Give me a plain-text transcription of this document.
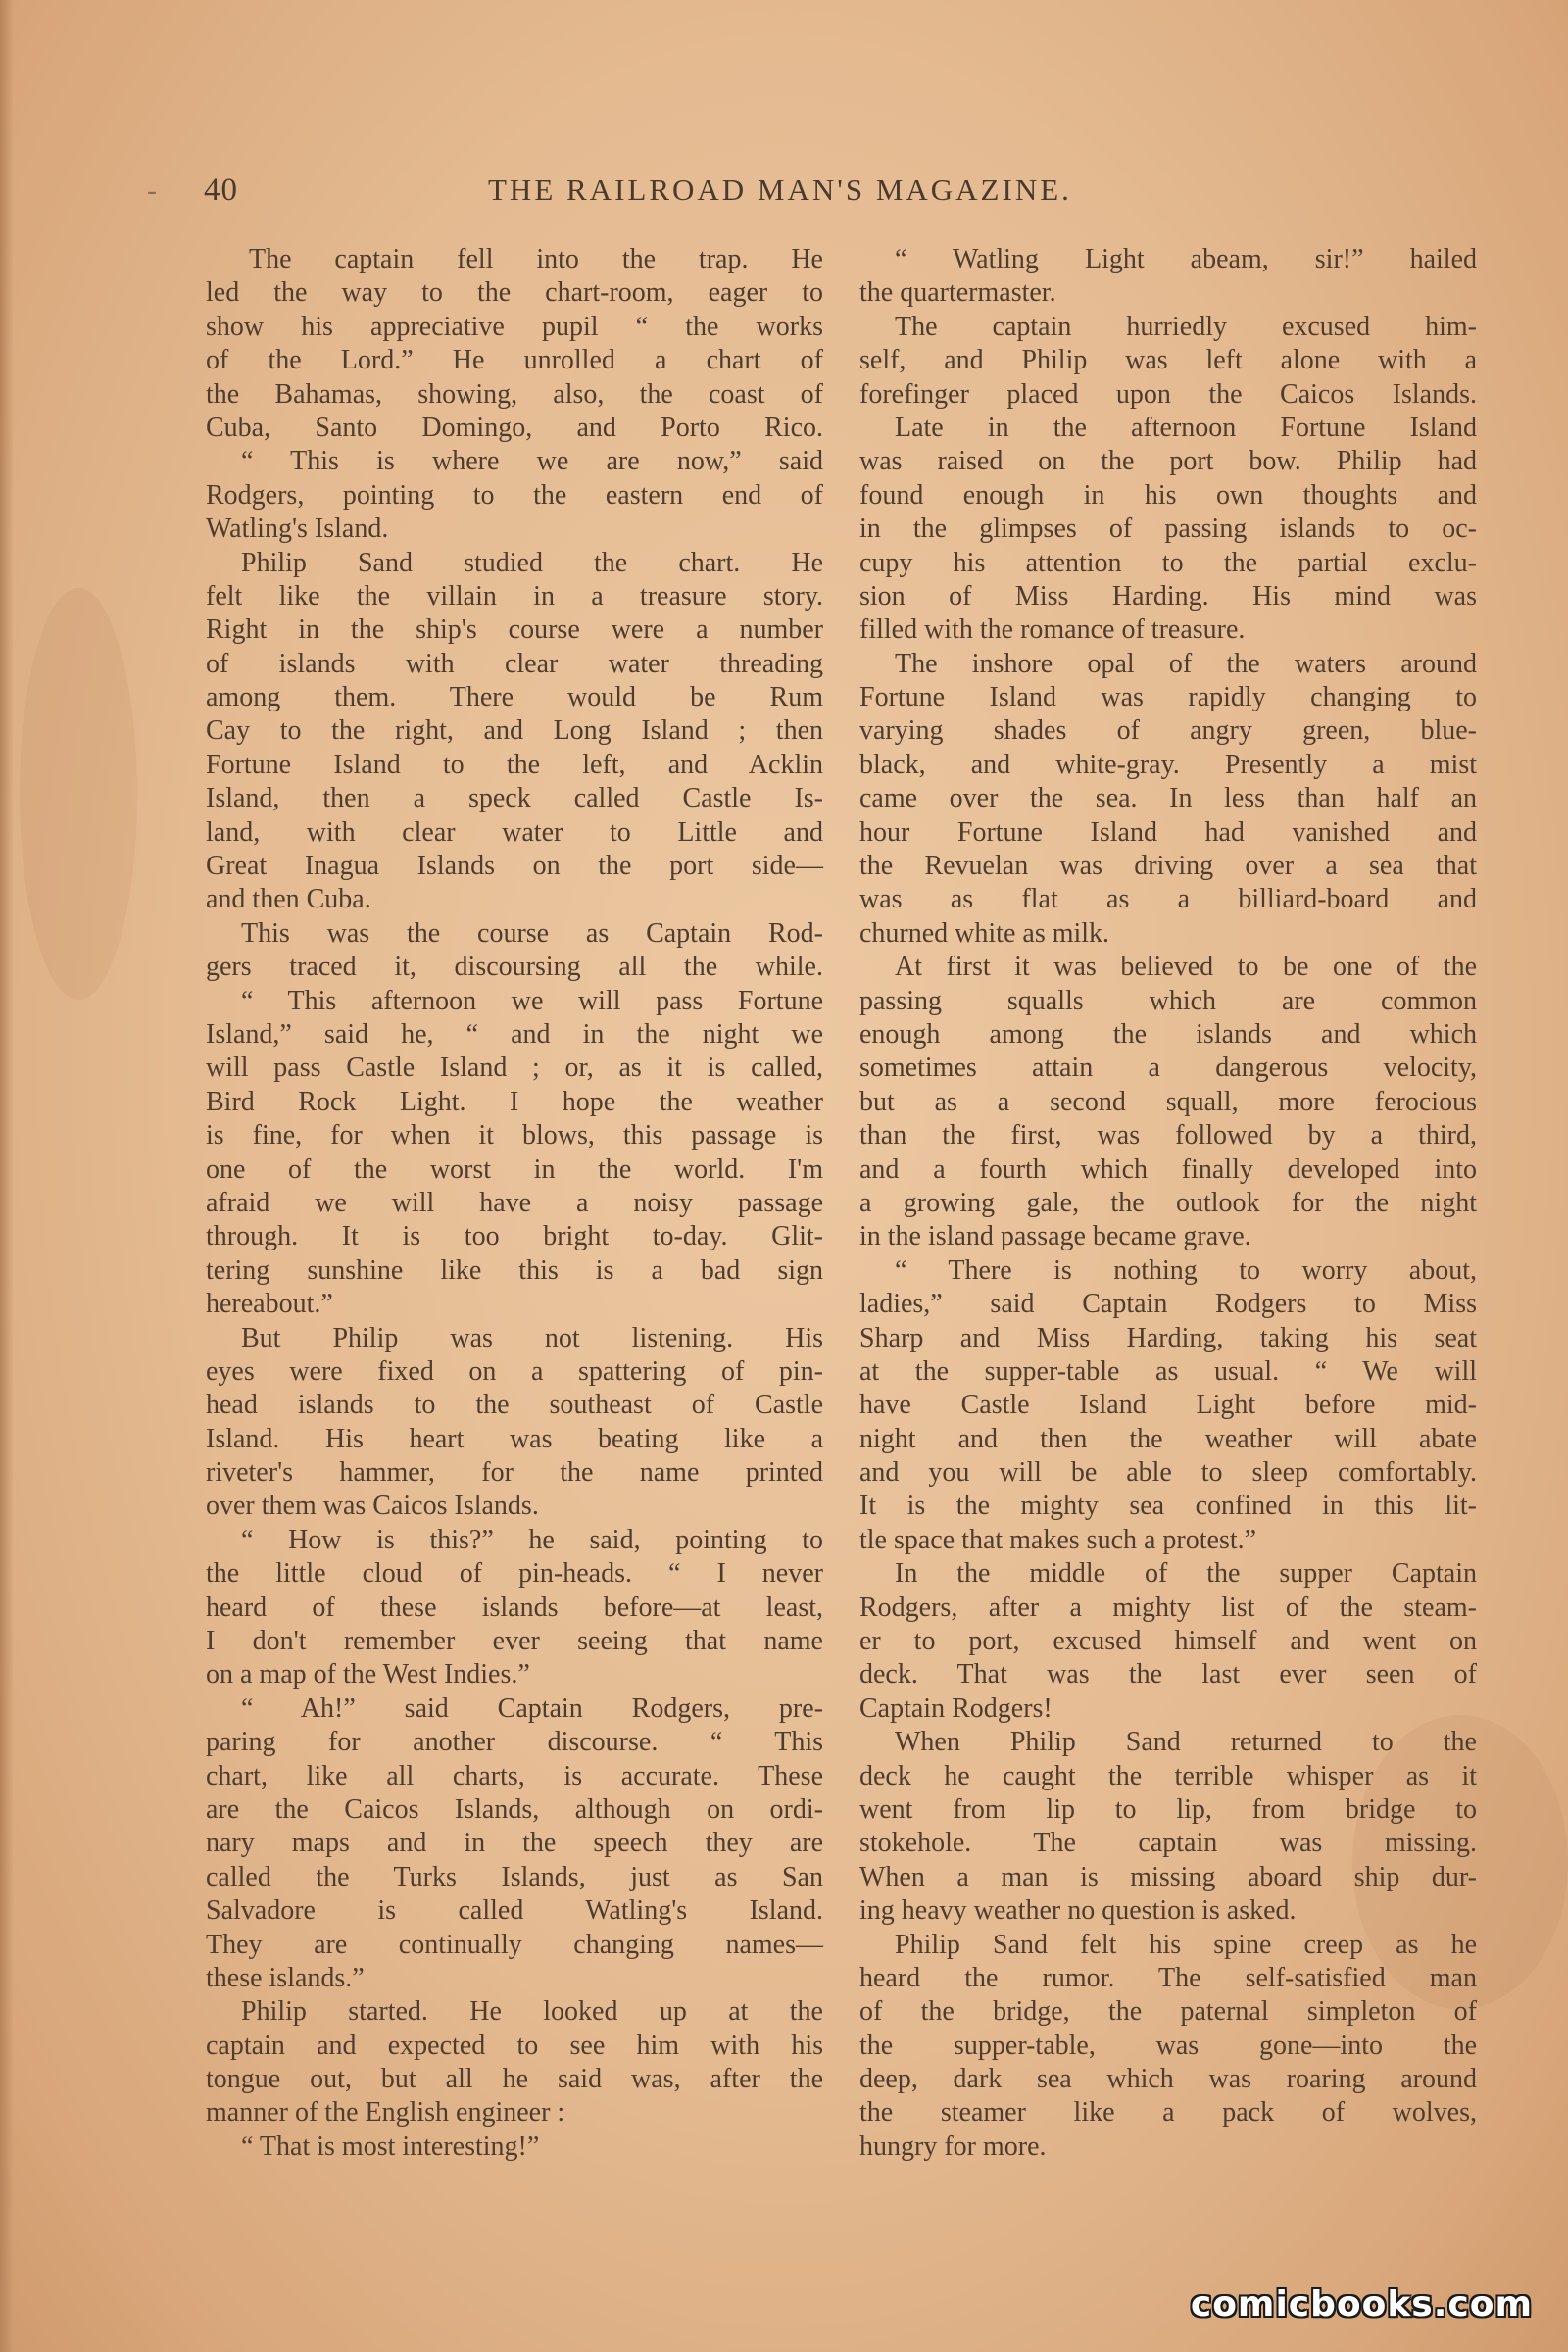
- 40	THE RAILROAD MAN'S MAGAZINE.
The captain fell into the trap. He
led the way to the chart-room, eager to
show his appreciative pupil “ the works
of the Lord.” He unrolled a chart of
the Bahamas, showing, also, the coast of
Cuba, Santo Domingo, and Porto Rico.
“ This is where we are now,” said
Rodgers, pointing to the eastern end of
Watling's Island.
Philip Sand studied the chart. He
felt like the villain in a treasure story.
Right in the ship's course were a number
of islands with clear water threading
among them. There would be Rum
Cay to the right, and Long Island ; then
Fortune Island to the left, and Acklin
Island, then a speck called Castle Is-
land, with clear water to Little and
Great Inagua Islands on the port side—
and then Cuba.
This was the course as Captain Rod-
gers traced it, discoursing all the while.
“ This afternoon we will pass Fortune
Island,” said he, “ and in the night we
will pass Castle Island ; or, as it is called,
Bird Rock Light. I hope the weather
is fine, for when it blows, this passage is
one of the worst in the world. I'm
afraid we will have a noisy passage
through. It is too bright to-day. Glit-
tering sunshine like this is a bad sign
hereabout.”
But Philip was not listening. His
eyes were fixed on a spattering of pin-
head islands to the southeast of Castle
Island. His heart was beating like a
riveter's hammer, for the name printed
over them was Caicos Islands.
“ How is this?” he said, pointing to
the little cloud of pin-heads. “ I never
heard of these islands before—at least,
I don't remember ever seeing that name
on a map of the West Indies.”
“ Ah!” said Captain Rodgers, pre-
paring for another discourse. “ This
chart, like all charts, is accurate. These
are the Caicos Islands, although on ordi-
nary maps and in the speech they are
called the Turks Islands, just as San
Salvadore is called Watling's Island.
They are continually changing names—
these islands.”
Philip started. He looked up at the
captain and expected to see him with his
tongue out, but all he said was, after the
manner of the English engineer :
“ That is most interesting!”
“ Watling Light abeam, sir!” hailed
the quartermaster.
The captain hurriedly excused him-
self, and Philip was left alone with a
forefinger placed upon the Caicos Islands.
Late in the afternoon Fortune Island
was raised on the port bow. Philip had
found enough in his own thoughts and
in the glimpses of passing islands to oc-
cupy his attention to the partial exclu-
sion of Miss Harding. His mind was
filled with the romance of treasure.
The inshore opal of the waters around
Fortune Island was rapidly changing to
varying shades of angry green, blue-
black, and white-gray. Presently a mist
came over the sea. In less than half an
hour Fortune Island had vanished and
the Revuelan was driving over a sea that
was as flat as a billiard-board and
churned white as milk.
At first it was believed to be one of the
passing squalls which are common
enough among the islands and which
sometimes attain a dangerous velocity,
but as a second squall, more ferocious
than the first, was followed by a third,
and a fourth which finally developed into
a growing gale, the outlook for the night
in the island passage became grave.
“ There is nothing to worry about,
ladies,” said Captain Rodgers to Miss
Sharp and Miss Harding, taking his seat
at the supper-table as usual. “ We will
have Castle Island Light before mid-
night and then the weather will abate
and you will be able to sleep comfortably.
It is the mighty sea confined in this lit-
tle space that makes such a protest.”
In the middle of the supper Captain
Rodgers, after a mighty list of the steam-
er to port, excused himself and went on
deck. That was the last ever seen of
Captain Rodgers!
When Philip Sand returned to the
deck he caught the terrible whisper as it
went from lip to lip, from bridge to
stokehole. The captain was missing.
When a man is missing aboard ship dur-
ing heavy weather no question is asked.
Philip Sand felt his spine creep as he
heard the rumor. The self-satisfied man
of the bridge, the paternal simpleton of
the supper-table, was gone—into the
deep, dark sea which was roaring around
the steamer like a pack of wolves,
hungry for more.
comicbooks.com
